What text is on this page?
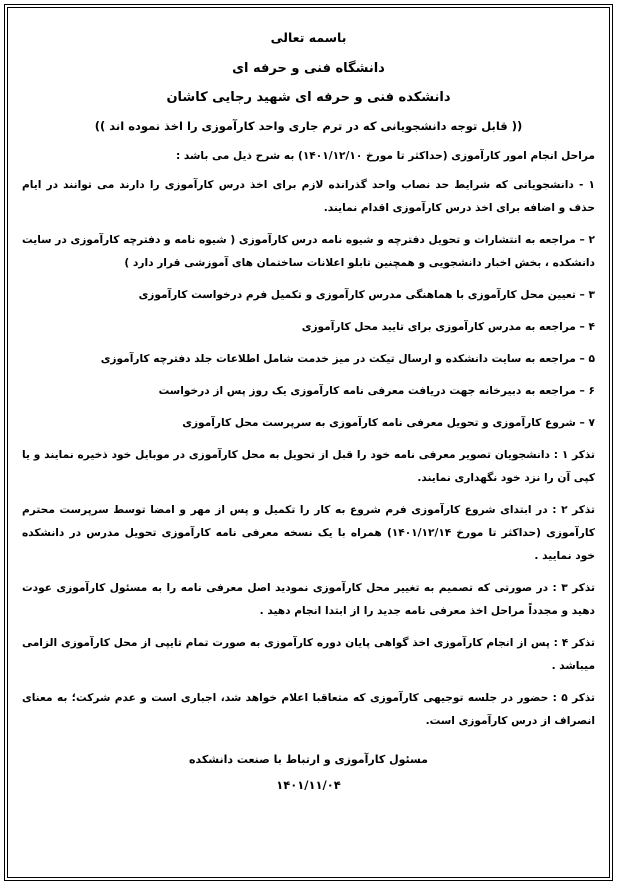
باسمه تعالی

دانشگاه فنی و حرفه ای

دانشکده فنی و حرفه ای شهید رجایی کاشان

(( قابل توجه دانشجویانی که در ترم جاری واحد کارآموزی را اخذ نموده اند ))

مراحل انجام امور کارآموزی (حداکثر تا مورخ ۱۴۰۱/۱۲/۱۰) به شرح ذیل می باشد :

۱ - دانشجویانی که شرایط حد نصاب واحد گذرانده لازم برای اخذ درس کارآموزی را دارند می توانند در ایام حذف و اضافه برای اخذ درس کارآموزی اقدام نمایند.

۲ – مراجعه به انتشارات و تحویل دفترچه و شیوه نامه درس کارآموزی ( شیوه نامه و دفترچه کارآموزی در سایت دانشکده ، بخش اخبار دانشجویی و همچنین تابلو اعلانات ساختمان های آموزشی قرار دارد )

۳ – تعیین محل کارآموزی با هماهنگی مدرس کارآموزی و تکمیل فرم درخواست کارآموزی

۴ – مراجعه به مدرس کارآموزی برای تایید محل کارآموزی

۵ – مراجعه به سایت دانشکده و ارسال تیکت در میز خدمت شامل اطلاعات جلد دفترچه کارآموزی

۶ – مراجعه به دبیرخانه جهت دریافت معرفی نامه کارآموزی یک روز پس از درخواست

۷ – شروع کارآموزی و تحویل معرفی نامه کارآموزی به سرپرست محل کارآموزی

تذکر ۱ : دانشجویان تصویر معرفی نامه خود را قبل از تحویل به محل کارآموزی در موبایل خود ذخیره نمایند و یا کپی آن را نزد خود نگهداری نمایند.

تذکر ۲ : در ابتدای شروع کارآموزی فرم شروع به کار را تکمیل و پس از مهر و امضا توسط سرپرست محترم کارآموزی (حداکثر تا مورخ ۱۴۰۱/۱۲/۱۴) همراه با یک نسخه معرفی نامه کارآموزی تحویل مدرس در دانشکده خود نمایید .

تذکر ۳ : در صورتی که تصمیم به تغییر محل کارآموزی نمودید اصل معرفی نامه را به مسئول کارآموزی عودت دهید و مجدداً مراحل اخذ معرفی نامه جدید را از ابتدا انجام دهید .

تذکر ۴ : پس از انجام کارآموزی اخذ گواهی پایان دوره کارآموزی به صورت تمام تایپی از محل کارآموزی الزامی میباشد .

تذکر ۵ : حضور در جلسه توجیهی کارآموزی که متعاقبا اعلام خواهد شد، اجباری است و عدم شرکت؛ به معنای انصراف از درس کارآموزی است.

مسئول کارآموزی و ارتباط با صنعت دانشکده

۱۴۰۱/۱۱/۰۴
